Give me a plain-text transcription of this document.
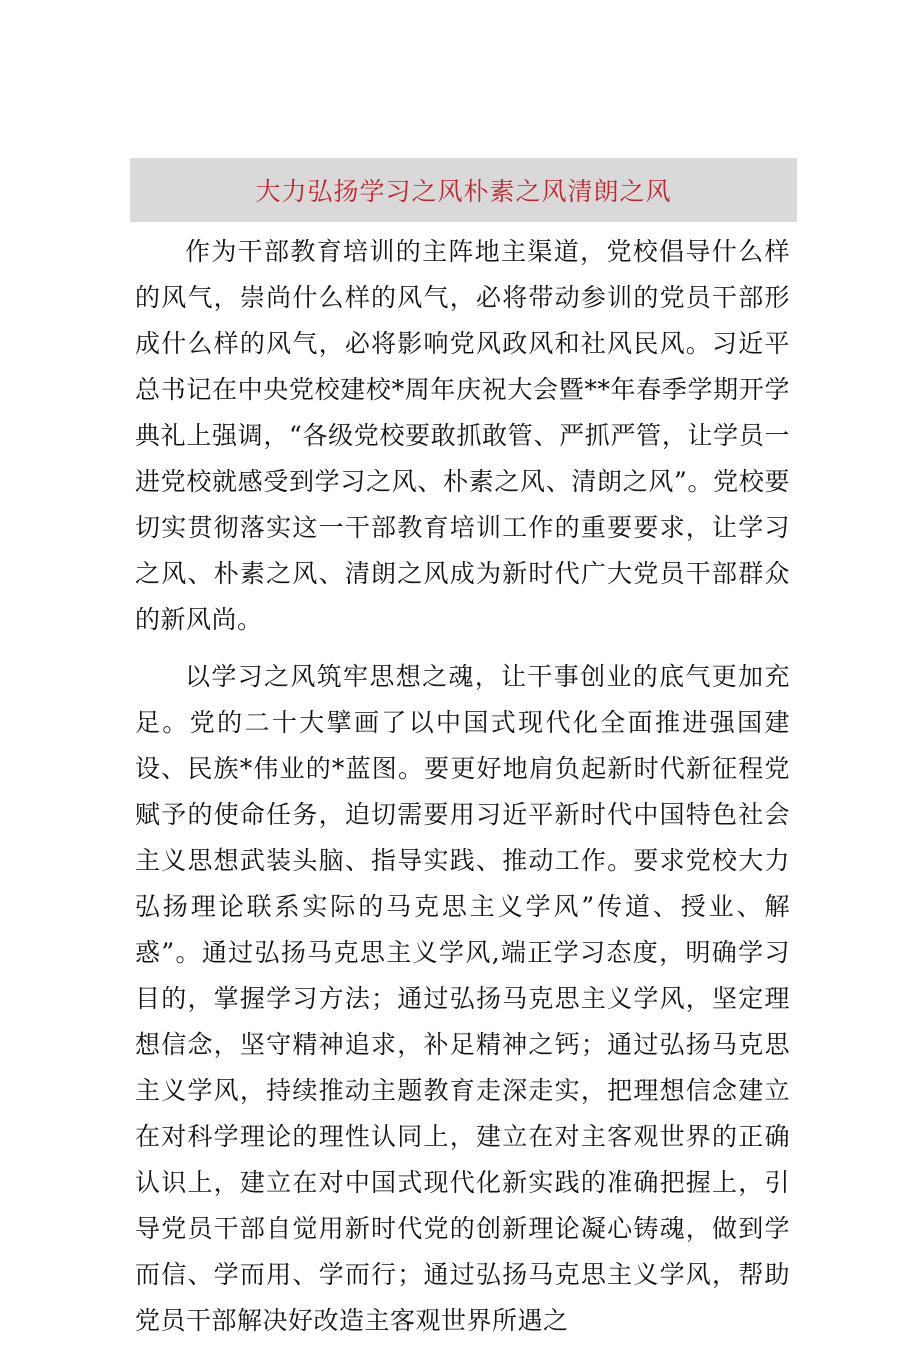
大力弘扬学习之风朴素之风清朗之风

作为干部教育培训的主阵地主渠道，党校倡导什么样的风气，崇尚什么样的风气，必将带动参训的党员干部形成什么样的风气，必将影响党风政风和社风民风。习近平总书记在中央党校建校*周年庆祝大会暨**年春季学期开学典礼上强调，“各级党校要敢抓敢管、严抓严管，让学员一进党校就感受到学习之风、朴素之风、清朗之风”。党校要切实贯彻落实这一干部教育培训工作的重要要求，让学习之风、朴素之风、清朗之风成为新时代广大党员干部群众的新风尚。

以学习之风筑牢思想之魂，让干事创业的底气更加充足。党的二十大擘画了以中国式现代化全面推进强国建设、民族*伟业的*蓝图。要更好地肩负起新时代新征程党赋予的使命任务，迫切需要用习近平新时代中国特色社会主义思想武装头脑、指导实践、推动工作。要求党校大力弘扬理论联系实际的马克思主义学风”传道、授业、解惑”。通过弘扬马克思主义学风,端正学习态度，明确学习目的，掌握学习方法；通过弘扬马克思主义学风，坚定理想信念，坚守精神追求，补足精神之钙；通过弘扬马克思主义学风，持续推动主题教育走深走实，把理想信念建立在对科学理论的理性认同上，建立在对主客观世界的正确认识上，建立在对中国式现代化新实践的准确把握上，引导党员干部自觉用新时代党的创新理论凝心铸魂，做到学而信、学而用、学而行；通过弘扬马克思主义学风，帮助党员干部解决好改造主客观世界所遇之
